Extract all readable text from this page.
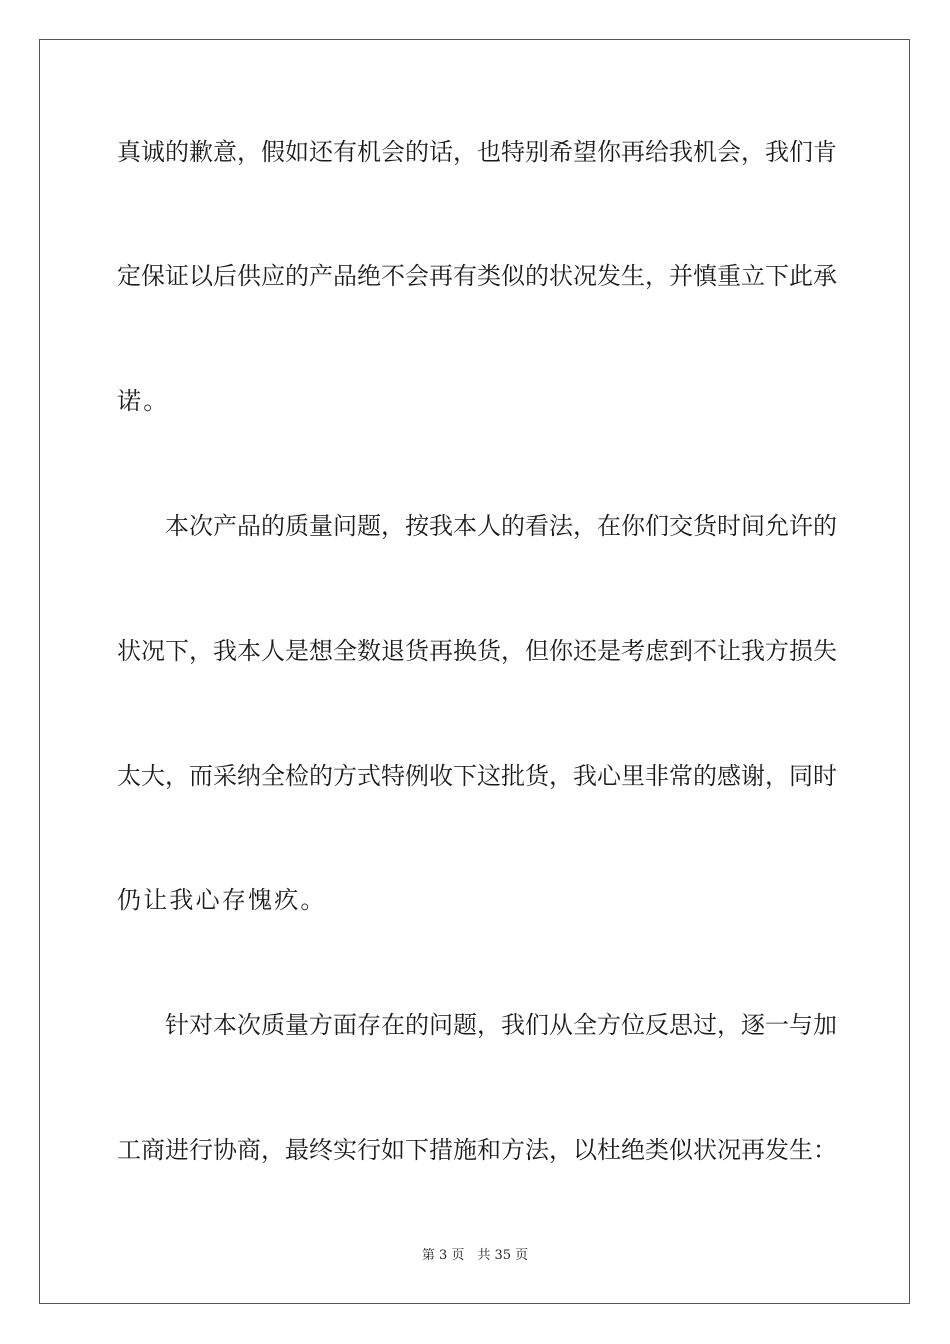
真诚的歉意，假如还有机会的话，也特别希望你再给我机会，我们肯
定保证以后供应的产品绝不会再有类似的状况发生，并慎重立下此承
诺。
本次产品的质量问题，按我本人的看法，在你们交货时间允许的
状况下，我本人是想全数退货再换货，但你还是考虑到不让我方损失
太大，而采纳全检的方式特例收下这批货，我心里非常的感谢，同时
仍让我心存愧疚。
针对本次质量方面存在的问题，我们从全方位反思过，逐一与加
工商进行协商，最终实行如下措施和方法，以杜绝类似状况再发生：
第 3 页　共 35 页
